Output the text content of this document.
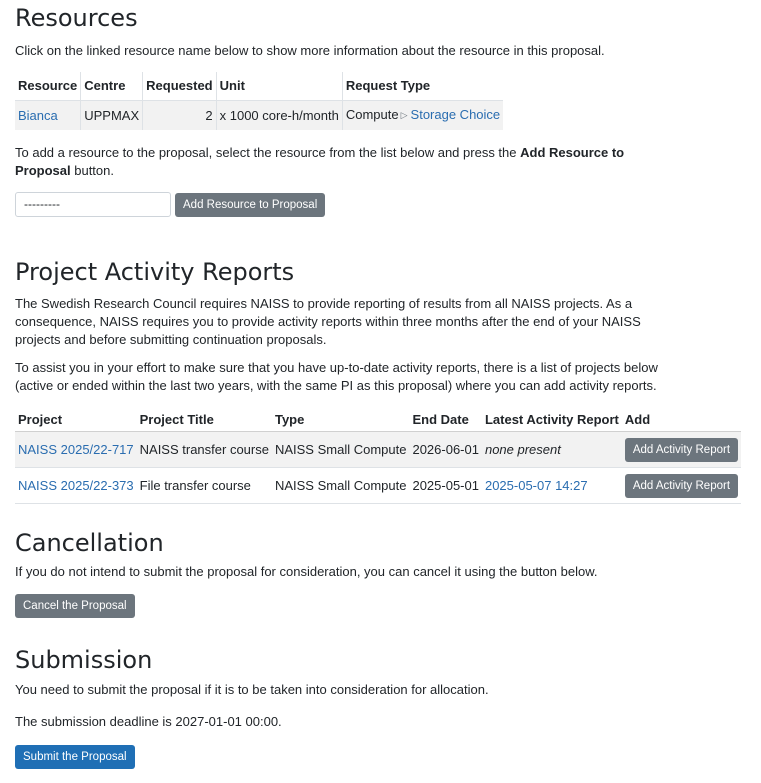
Resources

Click on the linked resource name below to show more information about the resource in this proposal.

Resource	Centre	Requested	Unit	Request Type
Bianca	UPPMAX	2	x 1000 core-h/month	Compute ▷ Storage Choice

To add a resource to the proposal, select the resource from the list below and press the Add Resource to Proposal button.

---------	Add Resource to Proposal
Project Activity Reports

The Swedish Research Council requires NAISS to provide reporting of results from all NAISS projects. As a consequence, NAISS requires you to provide activity reports within three months after the end of your NAISS projects and before submitting continuation proposals.

To assist you in your effort to make sure that you have up-to-date activity reports, there is a list of projects below (active or ended within the last two years, with the same PI as this proposal) where you can add activity reports.

Project	Project Title	Type	End Date	Latest Activity Report	Add
NAISS 2025/22-717	NAISS transfer course	NAISS Small Compute	2026-06-01	none present	Add Activity Report
NAISS 2025/22-373	File transfer course	NAISS Small Compute	2025-05-01	2025-05-07 14:27	Add Activity Report
Cancellation

If you do not intend to submit the proposal for consideration, you can cancel it using the button below.

Cancel the Proposal
Submission

You need to submit the proposal if it is to be taken into consideration for allocation.

The submission deadline is 2027-01-01 00:00.

Submit the Proposal
